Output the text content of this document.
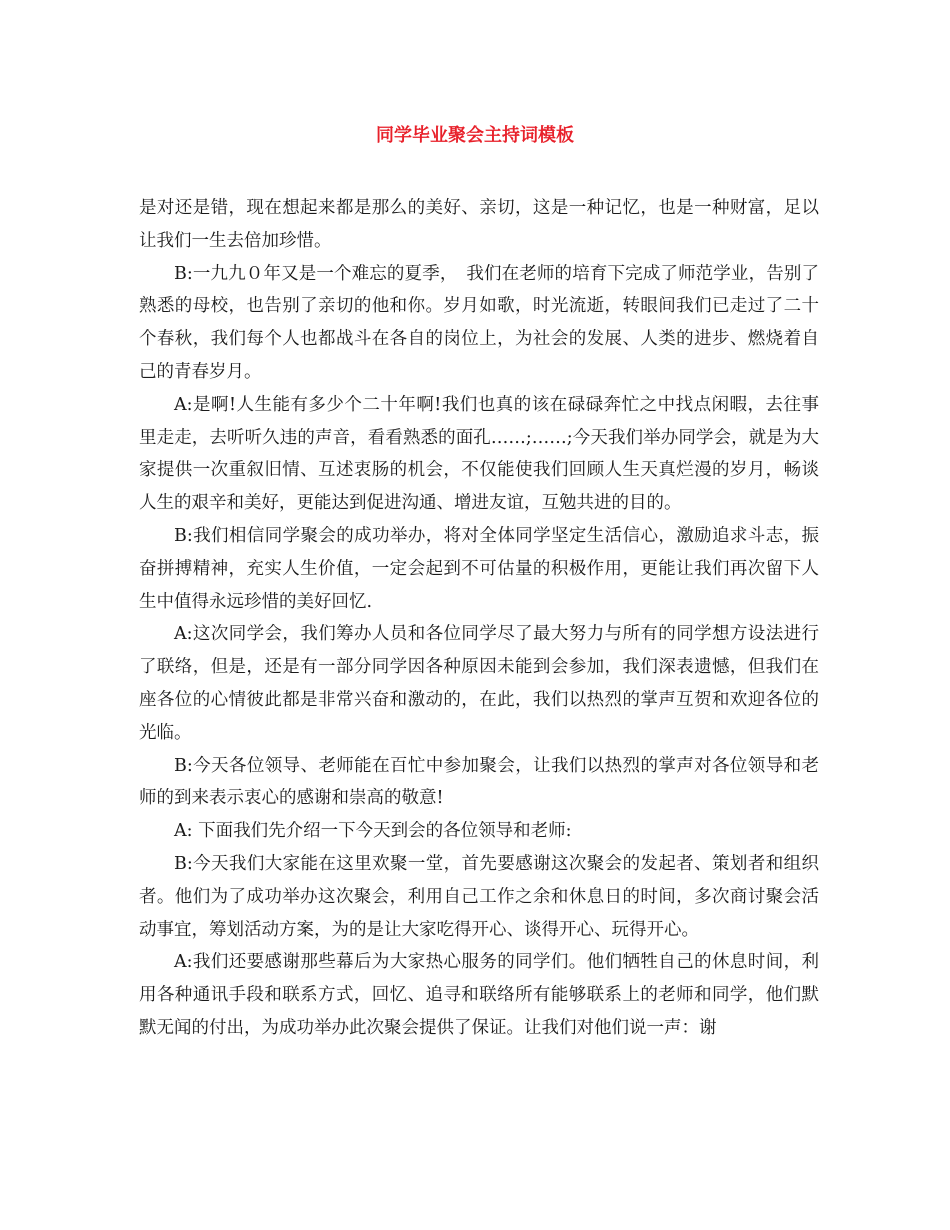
同学毕业聚会主持词模板

是对还是错，现在想起来都是那么的美好、亲切，这是一种记忆，也是一种财富，足以让我们一生去倍加珍惜。

B:一九九０年又是一个难忘的夏季，　我们在老师的培育下完成了师范学业，告别了熟悉的母校，也告别了亲切的他和你。岁月如歌，时光流逝，转眼间我们已走过了二十个春秋，我们每个人也都战斗在各自的岗位上，为社会的发展、人类的进步、燃烧着自己的青春岁月。

A:是啊!人生能有多少个二十年啊!我们也真的该在碌碌奔忙之中找点闲暇，去往事里走走，去听听久违的声音，看看熟悉的面孔……;……;今天我们举办同学会，就是为大家提供一次重叙旧情、互述衷肠的机会，不仅能使我们回顾人生天真烂漫的岁月，畅谈人生的艰辛和美好，更能达到促进沟通、增进友谊，互勉共进的目的。

B:我们相信同学聚会的成功举办，将对全体同学坚定生活信心，激励追求斗志，振奋拼搏精神，充实人生价值，一定会起到不可估量的积极作用，更能让我们再次留下人生中值得永远珍惜的美好回忆.

A:这次同学会，我们筹办人员和各位同学尽了最大努力与所有的同学想方设法进行了联络，但是，还是有一部分同学因各种原因未能到会参加，我们深表遗憾，但我们在座各位的心情彼此都是非常兴奋和激动的，在此，我们以热烈的掌声互贺和欢迎各位的光临。

B:今天各位领导、老师能在百忙中参加聚会，让我们以热烈的掌声对各位领导和老师的到来表示衷心的感谢和崇高的敬意!

A: 下面我们先介绍一下今天到会的各位领导和老师:

B:今天我们大家能在这里欢聚一堂，首先要感谢这次聚会的发起者、策划者和组织者。他们为了成功举办这次聚会，利用自己工作之余和休息日的时间，多次商讨聚会活动事宜，筹划活动方案，为的是让大家吃得开心、谈得开心、玩得开心。

A:我们还要感谢那些幕后为大家热心服务的同学们。他们牺牲自己的休息时间，利用各种通讯手段和联系方式，回忆、追寻和联络所有能够联系上的老师和同学，他们默默无闻的付出，为成功举办此次聚会提供了保证。让我们对他们说一声：谢
